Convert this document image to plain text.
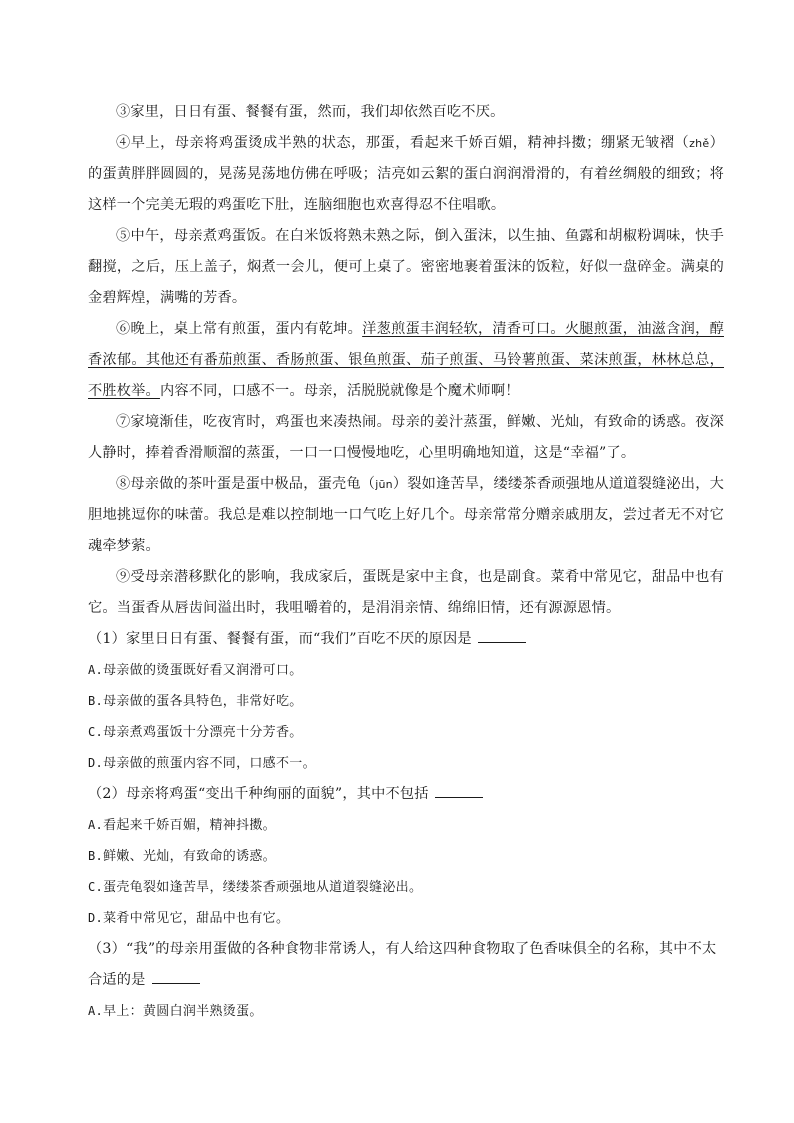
③家里，日日有蛋、餐餐有蛋，然而，我们却依然百吃不厌。

④早上，母亲将鸡蛋烫成半熟的状态，那蛋，看起来千娇百媚，精神抖擞；绷紧无皱褶（zhě）的蛋黄胖胖圆圆的，晃荡晃荡地仿佛在呼吸；洁亮如云絮的蛋白润润滑滑的，有着丝绸般的细致；将这样一个完美无瑕的鸡蛋吃下肚，连脑细胞也欢喜得忍不住唱歌。

⑤中午，母亲煮鸡蛋饭。在白米饭将熟未熟之际，倒入蛋沫，以生抽、鱼露和胡椒粉调味，快手翻搅，之后，压上盖子，焖煮一会儿，便可上桌了。密密地裹着蛋沫的饭粒，好似一盘碎金。满桌的金碧辉煌，满嘴的芳香。

⑥晚上，桌上常有煎蛋，蛋内有乾坤。洋葱煎蛋丰润轻软，清香可口。火腿煎蛋，油滋含润，醇香浓郁。其他还有番茄煎蛋、香肠煎蛋、银鱼煎蛋、茄子煎蛋、马铃薯煎蛋、菜沫煎蛋，林林总总，不胜枚举。内容不同，口感不一。母亲，活脱脱就像是个魔术师啊！

⑦家境渐佳，吃夜宵时，鸡蛋也来凑热闹。母亲的姜汁蒸蛋，鲜嫩、光灿，有致命的诱惑。夜深人静时，捧着香滑顺溜的蒸蛋，一口一口慢慢地吃，心里明确地知道，这是“幸福”了。

⑧母亲做的茶叶蛋是蛋中极品，蛋壳龟（jūn）裂如逢苦旱，缕缕茶香顽强地从道道裂缝泌出，大胆地挑逗你的味蕾。我总是难以控制地一口气吃上好几个。母亲常常分赠亲戚朋友，尝过者无不对它魂牵梦萦。

⑨受母亲潜移默化的影响，我成家后，蛋既是家中主食，也是副食。菜肴中常见它，甜品中也有它。当蛋香从唇齿间溢出时，我咀嚼着的，是涓涓亲情、绵绵旧情，还有源源恩情。

（1）家里日日有蛋、餐餐有蛋，而“我们”百吃不厌的原因是

A.母亲做的烫蛋既好看又润滑可口。

B.母亲做的蛋各具特色，非常好吃。

C.母亲煮鸡蛋饭十分漂亮十分芳香。

D.母亲做的煎蛋内容不同，口感不一。

（2）母亲将鸡蛋“变出千种绚丽的面貌”，其中不包括

A.看起来千娇百媚，精神抖擞。

B.鲜嫩、光灿，有致命的诱惑。

C.蛋壳龟裂如逢苦旱，缕缕茶香顽强地从道道裂缝泌出。

D.菜肴中常见它，甜品中也有它。

（3）“我”的母亲用蛋做的各种食物非常诱人，有人给这四种食物取了色香味俱全的名称，其中不太合适的是

A.早上：黄圆白润半熟烫蛋。
